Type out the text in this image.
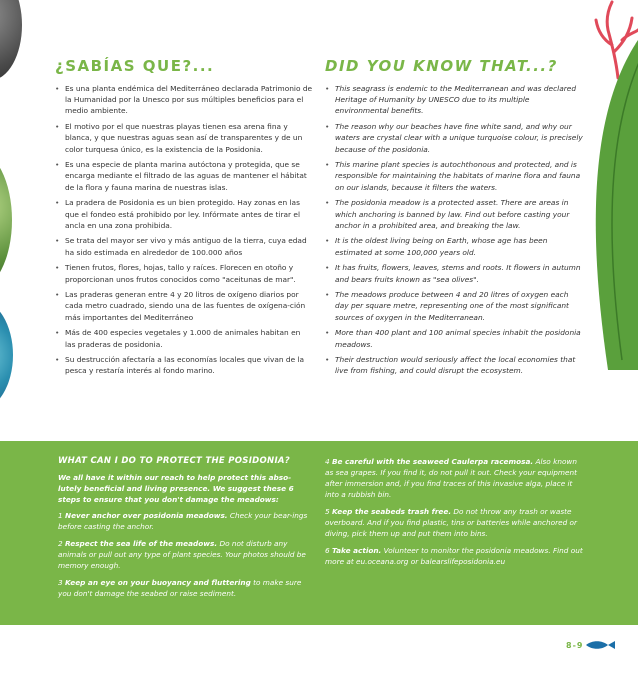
¿SABÍAS QUE?...
• Es una planta endémica del Mediterráneo declarada Patrimonio de la Humanidad por la Unesco por sus múltiples beneficios para el medio ambiente.
• El motivo por el que nuestras playas tienen esa arena fina y blanca, y que nuestras aguas sean así de transparentes y de un color turquesa único, es la existencia de la Posidonia.
• Es una especie de planta marina autóctona y protegida, que se encarga mediante el filtrado de las aguas de mantener el hábitat de la flora y fauna marina de nuestras islas.
• La pradera de Posidonia es un bien protegido. Hay zonas en las que el fondeo está prohibido por ley. Infórmate antes de tirar el ancla en una zona prohibida.
• Se trata del mayor ser vivo y más antiguo de la tierra, cuya edad ha sido estimada en alrededor de 100.000 años
• Tienen frutos, flores, hojas, tallo y raíces. Florecen en otoño y proporcionan unos frutos conocidos como "aceitunas de mar".
• Las praderas generan entre 4 y 20 litros de oxígeno diarios por cada metro cuadrado, siendo una de las fuentes de oxígena-ción más importantes del Mediterráneo
• Más de 400 especies vegetales y 1.000 de animales habitan en las praderas de posidonia.
• Su destrucción afectaría a las economías locales que vivan de la pesca y restaría interés al fondo marino.
DID YOU KNOW THAT...?
• This seagrass is endemic to the Mediterranean and was declared Heritage of Humanity by UNESCO due to its multiple environmental benefits.
• The reason why our beaches have fine white sand, and why our waters are crystal clear with a unique turquoise colour, is precisely because of the posidonia.
• This marine plant species is autochthonous and protected, and is responsible for maintaining the habitats of marine flora and fauna on our islands, because it filters the waters.
• The posidonia meadow is a protected asset. There are areas in which anchoring is banned by law. Find out before casting your anchor in a prohibited area, and breaking the law.
• It is the oldest living being on Earth, whose age has been estimated at some 100,000 years old.
• It has fruits, flowers, leaves, stems and roots. It flowers in autumn and bears fruits known as "sea olives".
• The meadows produce between 4 and 20 litres of oxygen each day per square metre, representing one of the most significant sources of oxygen in the Mediterranean.
• More than 400 plant and 100 animal species inhabit the posidonia meadows.
• Their destruction would seriously affect the local economies that live from fishing, and could disrupt the ecosystem.
WHAT CAN I DO TO PROTECT THE POSIDONIA?

We all have it within our reach to help protect this abso-lutely beneficial and living presence. We suggest these 6 steps to ensure that you don't damage the meadows:

1 Never anchor over posidonia meadows. Check your bear-ings before casting the anchor.
2 Respect the sea life of the meadows. Do not disturb any animals or pull out any type of plant species. Your photos should be memory enough.
3 Keep an eye on your buoyancy and fluttering to make sure you don't damage the seabed or raise sediment.
4 Be careful with the seaweed Caulerpa racemosa. Also known as sea grapes. If you find it, do not pull it out. Check your equipment after immersion and, if you find traces of this invasive alga, place it into a rubbish bin.
5 Keep the seabeds trash free. Do not throw any trash or waste overboard. And if you find plastic, tins or batteries while anchored or diving, pick them up and put them into bins.
6 Take action. Volunteer to monitor the posidonia meadows. Find out more at eu.oceana.org or balearslifeposidonia.eu
8-9
